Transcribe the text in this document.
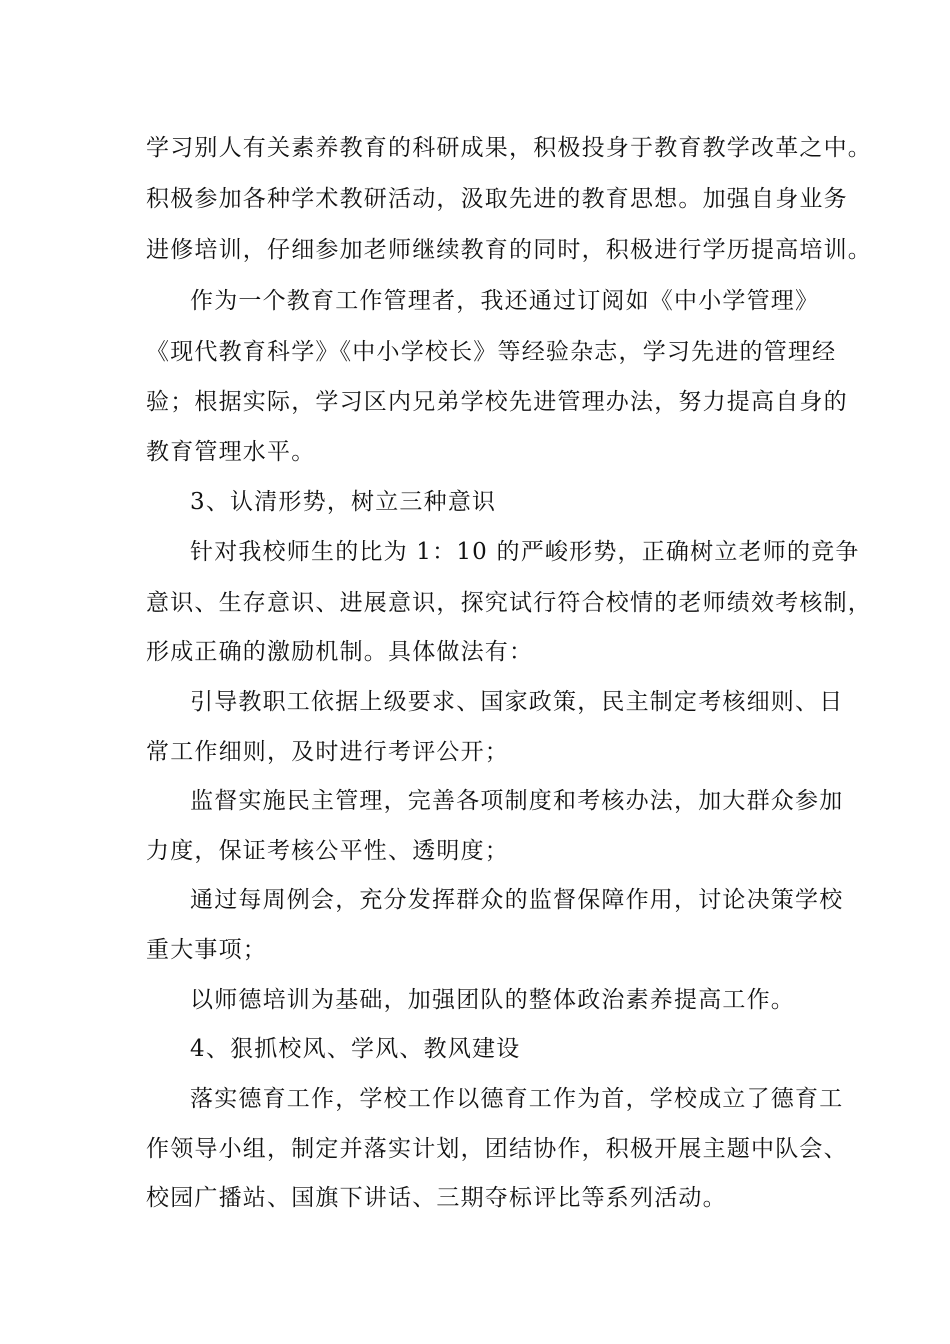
学习别人有关素养教育的科研成果，积极投身于教育教学改革之中。
积极参加各种学术教研活动，汲取先进的教育思想。加强自身业务
进修培训，仔细参加老师继续教育的同时，积极进行学历提高培训。
作为一个教育工作管理者，我还通过订阅如《中小学管理》
《现代教育科学》《中小学校长》等经验杂志，学习先进的管理经
验；根据实际，学习区内兄弟学校先进管理办法，努力提高自身的
教育管理水平。
3、认清形势，树立三种意识
针对我校师生的比为 1：10 的严峻形势，正确树立老师的竞争
意识、生存意识、进展意识，探究试行符合校情的老师绩效考核制，
形成正确的激励机制。具体做法有：
引导教职工依据上级要求、国家政策，民主制定考核细则、日
常工作细则，及时进行考评公开；
监督实施民主管理，完善各项制度和考核办法，加大群众参加
力度，保证考核公平性、透明度；
通过每周例会，充分发挥群众的监督保障作用，讨论决策学校
重大事项；
以师德培训为基础，加强团队的整体政治素养提高工作。
4、狠抓校风、学风、教风建设
落实德育工作，学校工作以德育工作为首，学校成立了德育工
作领导小组，制定并落实计划，团结协作，积极开展主题中队会、
校园广播站、国旗下讲话、三期夺标评比等系列活动。
